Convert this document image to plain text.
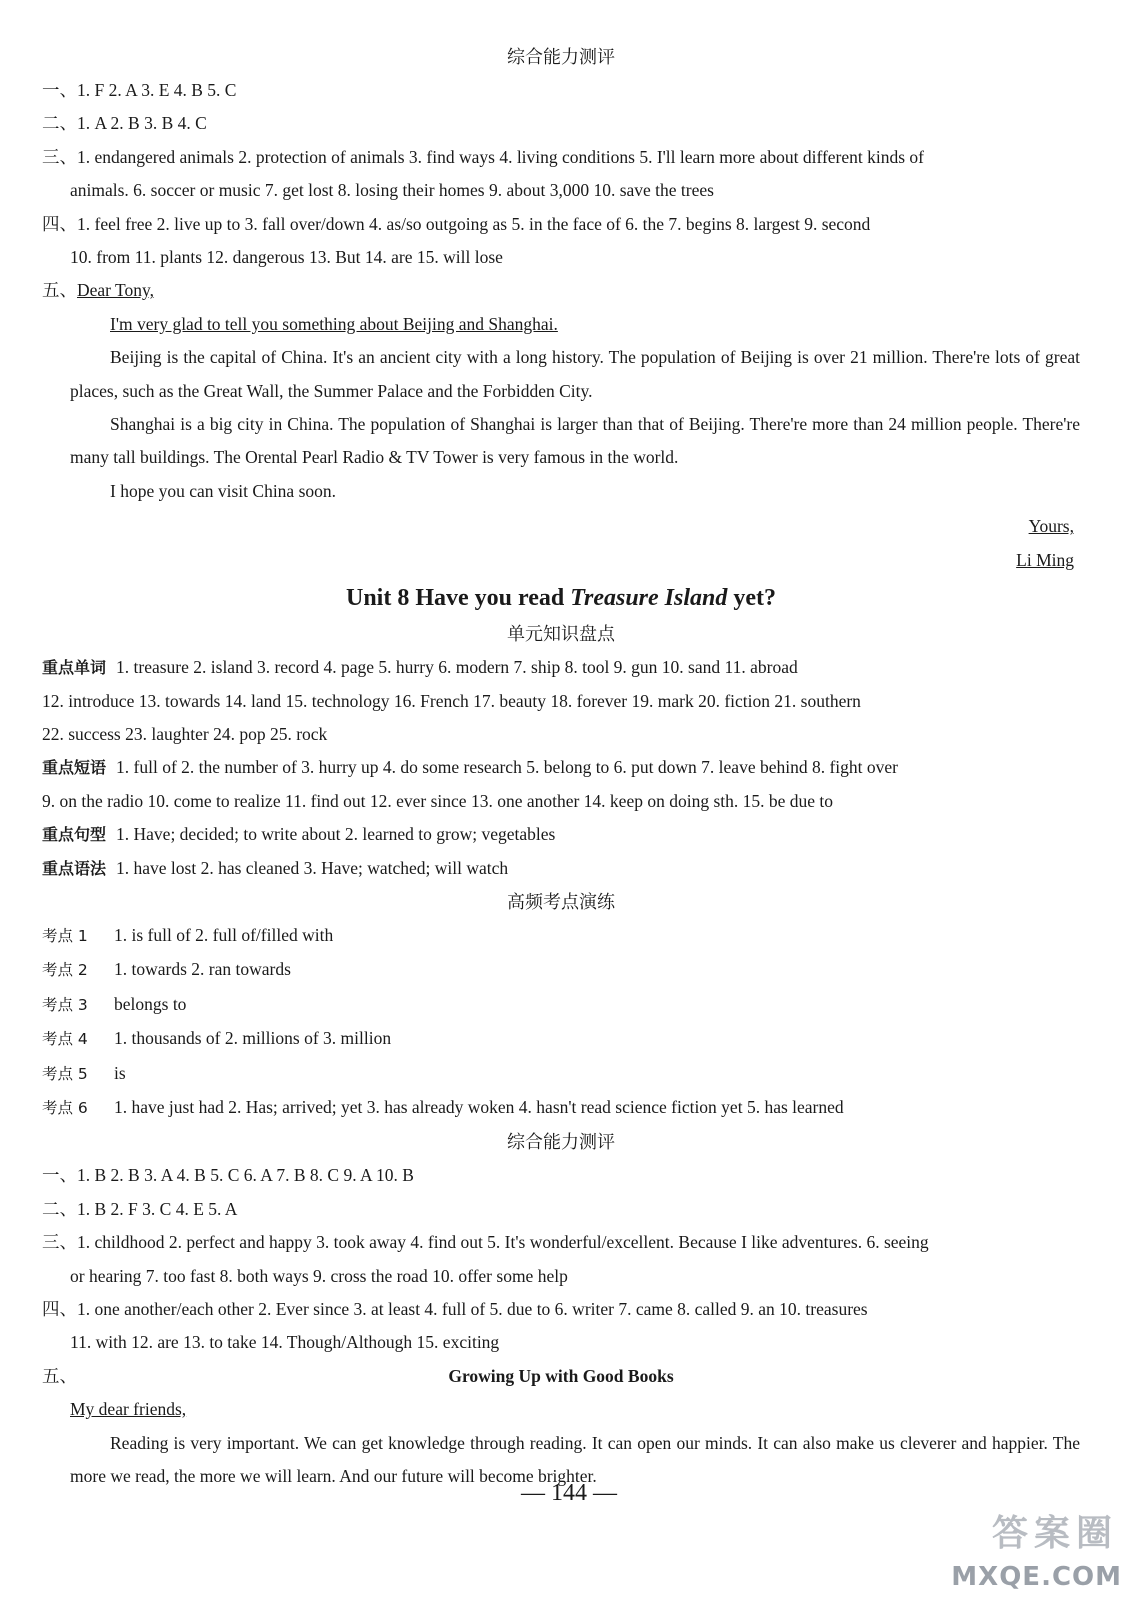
综合能力测评
一、1. F 2. A 3. E 4. B 5. C
二、1. A 2. B 3. B 4. C
三、1. endangered animals 2. protection of animals 3. find ways 4. living conditions 5. I'll learn more about different kinds of
animals. 6. soccer or music 7. get lost 8. losing their homes 9. about 3,000 10. save the trees
四、1. feel free 2. live up to 3. fall over/down 4. as/so outgoing as 5. in the face of 6. the 7. begins 8. largest 9. second
10. from 11. plants 12. dangerous 13. But 14. are 15. will lose
五、Dear Tony,
I'm very glad to tell you something about Beijing and Shanghai.
Beijing is the capital of China. It's an ancient city with a long history. The population of Beijing is over 21 million. There're lots of great places, such as the Great Wall, the Summer Palace and the Forbidden City.
Shanghai is a big city in China. The population of Shanghai is larger than that of Beijing. There're more than 24 million people. There're many tall buildings. The Orental Pearl Radio & TV Tower is very famous in the world.
I hope you can visit China soon.
Yours,
Li Ming
Unit 8 Have you read Treasure Island yet?
单元知识盘点
重点单词 1. treasure 2. island 3. record 4. page 5. hurry 6. modern 7. ship 8. tool 9. gun 10. sand 11. abroad
12. introduce 13. towards 14. land 15. technology 16. French 17. beauty 18. forever 19. mark 20. fiction 21. southern
22. success 23. laughter 24. pop 25. rock
重点短语 1. full of 2. the number of 3. hurry up 4. do some research 5. belong to 6. put down 7. leave behind 8. fight over
9. on the radio 10. come to realize 11. find out 12. ever since 13. one another 14. keep on doing sth. 15. be due to
重点句型 1. Have; decided; to write about 2. learned to grow; vegetables
重点语法 1. have lost 2. has cleaned 3. Have; watched; will watch
高频考点演练
考点 1 1. is full of 2. full of/filled with
考点 2 1. towards 2. ran towards
考点 3 belongs to
考点 4 1. thousands of 2. millions of 3. million
考点 5 is
考点 6 1. have just had 2. Has; arrived; yet 3. has already woken 4. hasn't read science fiction yet 5. has learned
综合能力测评
一、1. B 2. B 3. A 4. B 5. C 6. A 7. B 8. C 9. A 10. B
二、1. B 2. F 3. C 4. E 5. A
三、1. childhood 2. perfect and happy 3. took away 4. find out 5. It's wonderful/excellent. Because I like adventures. 6. seeing
or hearing 7. too fast 8. both ways 9. cross the road 10. offer some help
四、1. one another/each other 2. Ever since 3. at least 4. full of 5. due to 6. writer 7. came 8. called 9. an 10. treasures
11. with 12. are 13. to take 14. Though/Although 15. exciting
五、	Growing Up with Good Books
My dear friends,
Reading is very important. We can get knowledge through reading. It can open our minds. It can also make us cleverer and happier. The more we read, the more we will learn. And our future will become brighter.
— 144 —
答案圈
MXQE.COM
